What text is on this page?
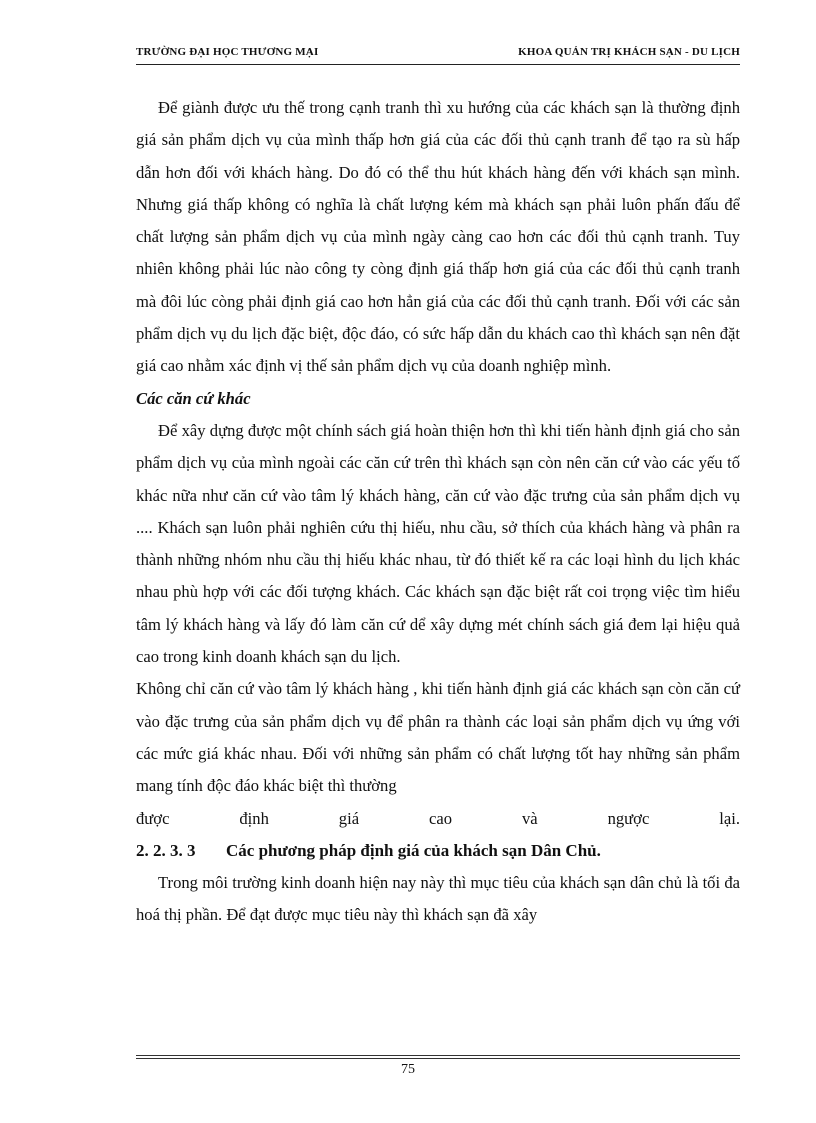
TRƯỜNG ĐẠI HỌC THƯƠNG MẠI	KHOA QUẢN TRỊ KHÁCH SẠN - DU LỊCH

Để giành được ưu thế trong cạnh tranh thì xu hướng của các khách sạn là thường định giá sản phẩm dịch vụ của mình thấp hơn giá của các đối thủ cạnh tranh để tạo ra sù hấp dẫn hơn đối với khách hàng. Do đó có thể thu hút khách hàng đến với khách sạn mình. Nhưng giá thấp không có nghĩa là chất lượng kém mà khách sạn phải luôn phấn đấu để chất lượng sản phẩm dịch vụ của mình ngày càng cao hơn các đối thủ cạnh tranh. Tuy nhiên không phải lúc nào công ty còng định giá thấp hơn giá của các đối thủ cạnh tranh mà đôi lúc còng phải định giá cao hơn hẳn giá của các đối thủ cạnh tranh. Đối với các sản phẩm dịch vụ du lịch đặc biệt, độc đáo, có sức hấp dẫn du khách cao thì khách sạn nên đặt giá cao nhằm xác định vị thế sản phẩm dịch vụ của doanh nghiệp mình.

Các căn cứ khác

Để xây dựng được một chính sách giá hoàn thiện hơn thì khi tiến hành định giá cho sản phẩm dịch vụ của mình ngoài các căn cứ trên thì khách sạn còn nên căn cứ vào các yếu tố khác nữa như căn cứ vào tâm lý khách hàng, căn cứ vào đặc trưng của sản phẩm dịch vụ .... Khách sạn luôn phải nghiên cứu thị hiếu, nhu cầu, sở thích của khách hàng và phân ra thành những nhóm nhu cầu thị hiếu khác nhau, từ đó thiết kế ra các loại hình du lịch khác nhau phù hợp với các đối tượng khách. Các khách sạn đặc biệt rất coi trọng việc tìm hiểu tâm lý khách hàng và lấy đó làm căn cứ dể xây dựng mét chính sách giá đem lại hiệu quả cao trong kinh doanh khách sạn du lịch.

Không chỉ căn cứ vào tâm lý khách hàng , khi tiến hành định giá các khách sạn còn căn cứ vào đặc trưng của sản phẩm dịch vụ để phân ra thành các loại sản phẩm dịch vụ ứng với các mức giá khác nhau. Đối với những sản phẩm có chất lượng tốt hay những sản phẩm mang tính độc đáo khác biệt thì thường

được định giá cao và ngược lại.

2. 2. 3. 3 Các phương pháp định giá của khách sạn Dân Chủ.

Trong môi trường kinh doanh hiện nay này thì mục tiêu của khách sạn dân chủ là tối đa hoá thị phần. Để đạt được mục tiêu này thì khách sạn đã xây

75
